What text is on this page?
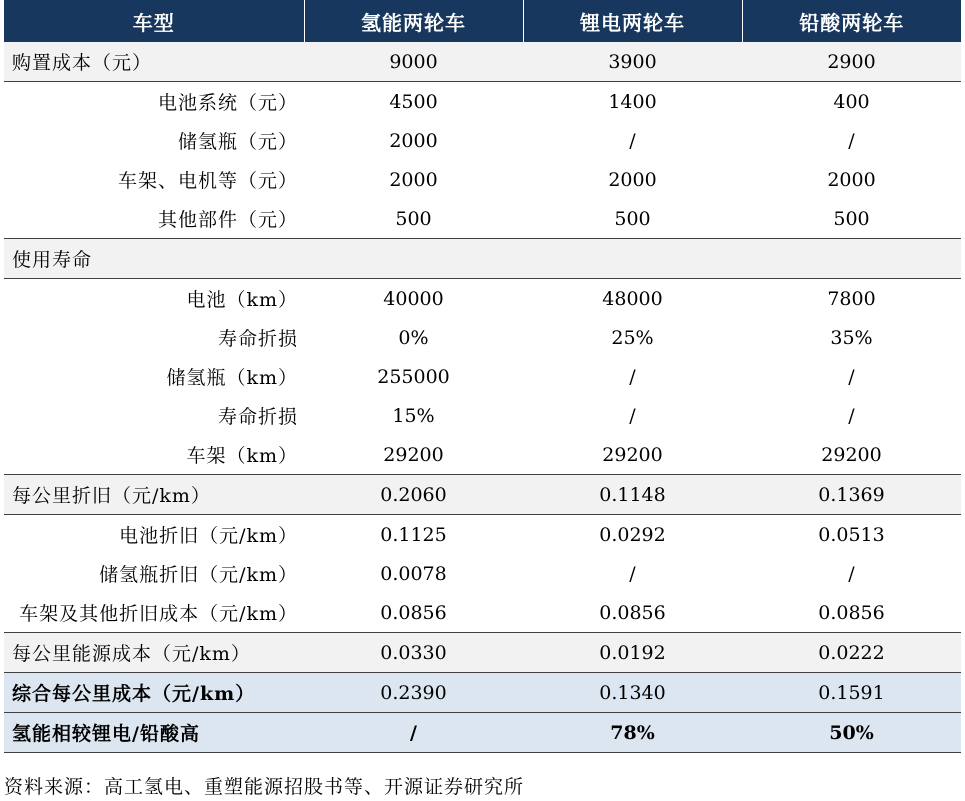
车型	氢能两轮车	锂电两轮车	铅酸两轮车
购置成本（元）	9000	3900	2900
电池系统（元）	4500	1400	400
储氢瓶（元）	2000	/	/
车架、电机等（元）	2000	2000	2000
其他部件（元）	500	500	500
使用寿命			
电池（km）	40000	48000	7800
寿命折损	0%	25%	35%
储氢瓶（km）	255000	/	/
寿命折损	15%	/	/
车架（km）	29200	29200	29200
每公里折旧（元/km）	0.2060	0.1148	0.1369
电池折旧（元/km）	0.1125	0.0292	0.0513
储氢瓶折旧（元/km）	0.0078	/	/
车架及其他折旧成本（元/km）	0.0856	0.0856	0.0856
每公里能源成本（元/km）	0.0330	0.0192	0.0222
综合每公里成本（元/km）	0.2390	0.1340	0.1591
氢能相较锂电/铅酸高	/	78%	50%
资料来源：高工氢电、重塑能源招股书等、开源证券研究所
